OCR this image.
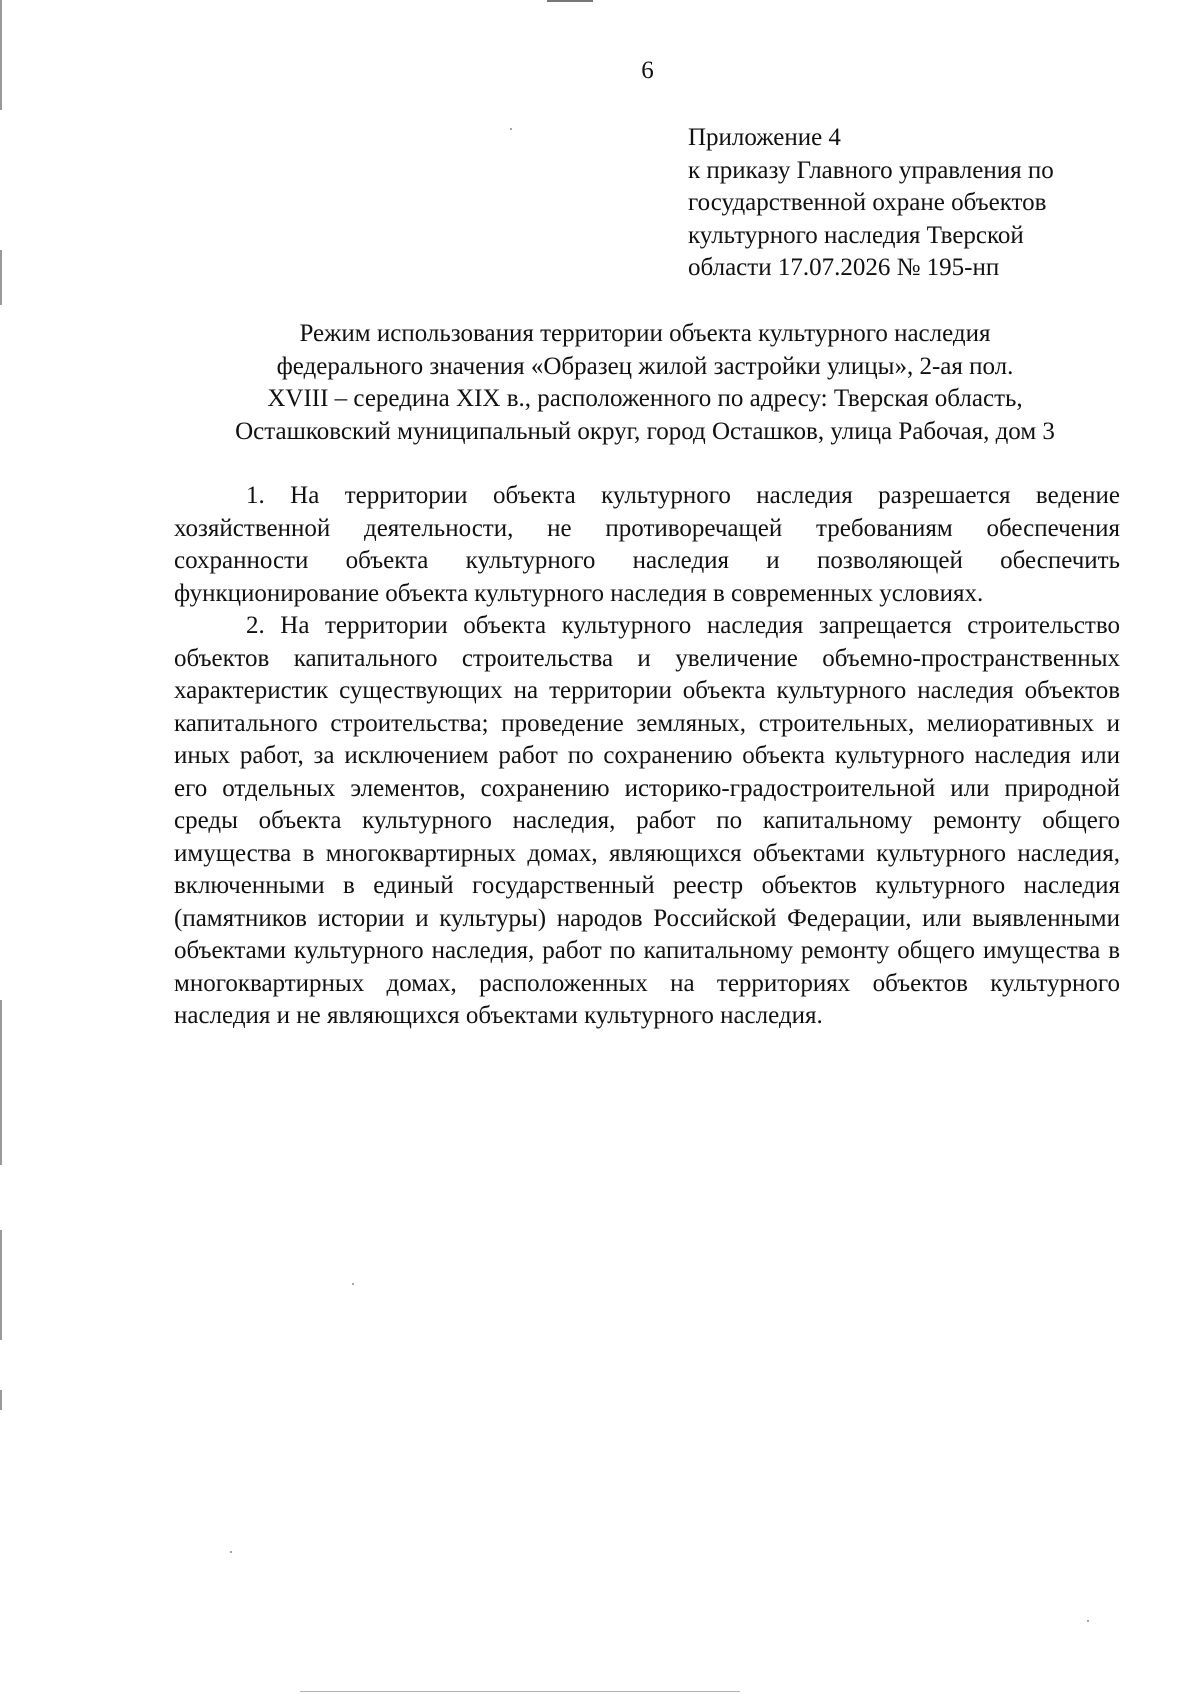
6
Приложение 4
к приказу Главного управления по
государственной охране объектов
культурного наследия Тверской
области 17.07.2026 № 195-нп
Режим использования территории объекта культурного наследия
федерального значения «Образец жилой застройки улицы», 2-ая пол.
XVIII – середина XIX в., расположенного по адресу: Тверская область,
Осташковский муниципальный округ, город Осташков, улица Рабочая, дом 3

1. На территории объекта культурного наследия разрешается ведение хозяйственной деятельности, не противоречащей требованиям обеспечения сохранности объекта культурного наследия и позволяющей обеспечить функционирование объекта культурного наследия в современных условиях.

2. На территории объекта культурного наследия запрещается строительство объектов капитального строительства и увеличение объемно-пространственных характеристик существующих на территории объекта культурного наследия объектов капитального строительства; проведение земляных, строительных, мелиоративных и иных работ, за исключением работ по сохранению объекта культурного наследия или его отдельных элементов, сохранению историко-градостроительной или природной среды объекта культурного наследия, работ по капитальному ремонту общего имущества в многоквартирных домах, являющихся объектами культурного наследия, включенными в единый государственный реестр объектов культурного наследия (памятников истории и культуры) народов Российской Федерации, или выявленными объектами культурного наследия, работ по капитальному ремонту общего имущества в многоквартирных домах, расположенных на территориях объектов культурного наследия и не являющихся объектами культурного наследия.
